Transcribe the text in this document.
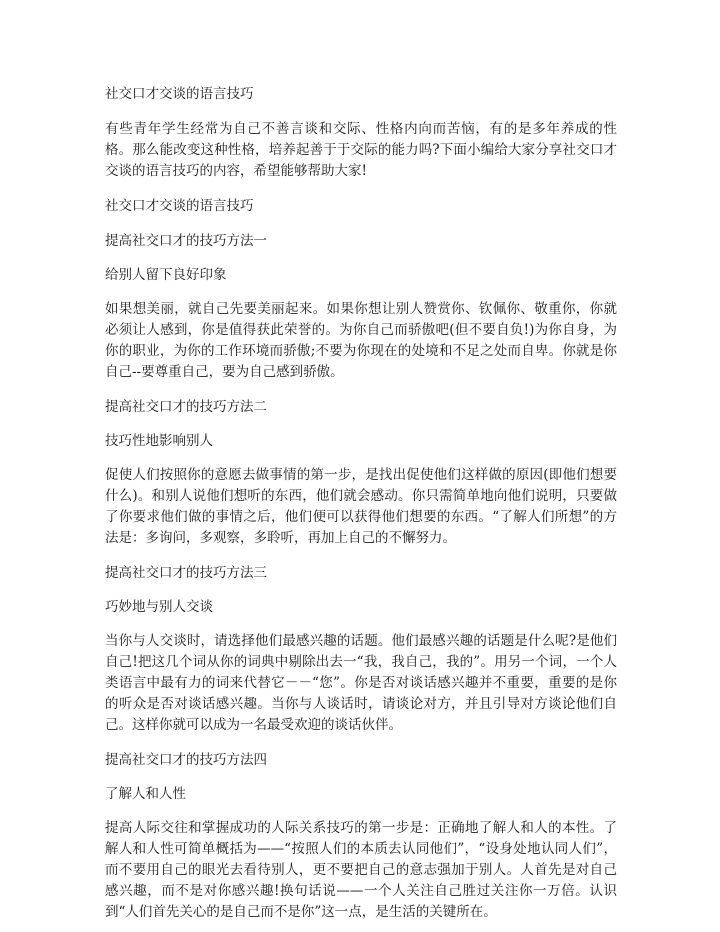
社交口才交谈的语言技巧

有些青年学生经常为自己不善言谈和交际、性格内向而苦恼，有的是多年养成的性格。那么能改变这种性格，培养起善于于交际的能力吗?下面小编给大家分享社交口才交谈的语言技巧的内容，希望能够帮助大家!

社交口才交谈的语言技巧

提高社交口才的技巧方法一

给别人留下良好印象

如果想美丽，就自己先要美丽起来。如果你想让别人赞赏你、钦佩你、敬重你，你就必须让人感到，你是值得获此荣誉的。为你自己而骄傲吧(但不要自负!)为你自身，为你的职业，为你的工作环境而骄傲;不要为你现在的处境和不足之处而自卑。你就是你自己--要尊重自己，要为自己感到骄傲。

提高社交口才的技巧方法二

技巧性地影响别人

促使人们按照你的意愿去做事情的第一步，是找出促使他们这样做的原因(即他们想要什么)。和别人说他们想听的东西，他们就会感动。你只需简单地向他们说明，只要做了你要求他们做的事情之后，他们便可以获得他们想要的东西。“了解人们所想”的方法是：多询问，多观察，多聆听，再加上自己的不懈努力。

提高社交口才的技巧方法三

巧妙地与别人交谈

当你与人交谈时，请选择他们最感兴趣的话题。他们最感兴趣的话题是什么呢?是他们自己!把这几个词从你的词典中剔除出去一“我，我自己，我的”。用另一个词，一个人类语言中最有力的词来代替它－－“您”。你是否对谈话感兴趣并不重要，重要的是你的听众是否对谈话感兴趣。当你与人谈话时，请谈论对方，并且引导对方谈论他们自己。这样你就可以成为一名最受欢迎的谈话伙伴。

提高社交口才的技巧方法四

了解人和人性

提高人际交往和掌握成功的人际关系技巧的第一步是：正确地了解人和人的本性。了解人和人性可简单概括为——“按照人们的本质去认同他们”，“设身处地认同人们”，而不要用自己的眼光去看待别人，更不要把自己的意志强加于别人。人首先是对自己感兴趣，而不是对你感兴趣!换句话说——一个人关注自己胜过关注你一万倍。认识到“人们首先关心的是自己而不是你”这一点，是生活的关键所在。
